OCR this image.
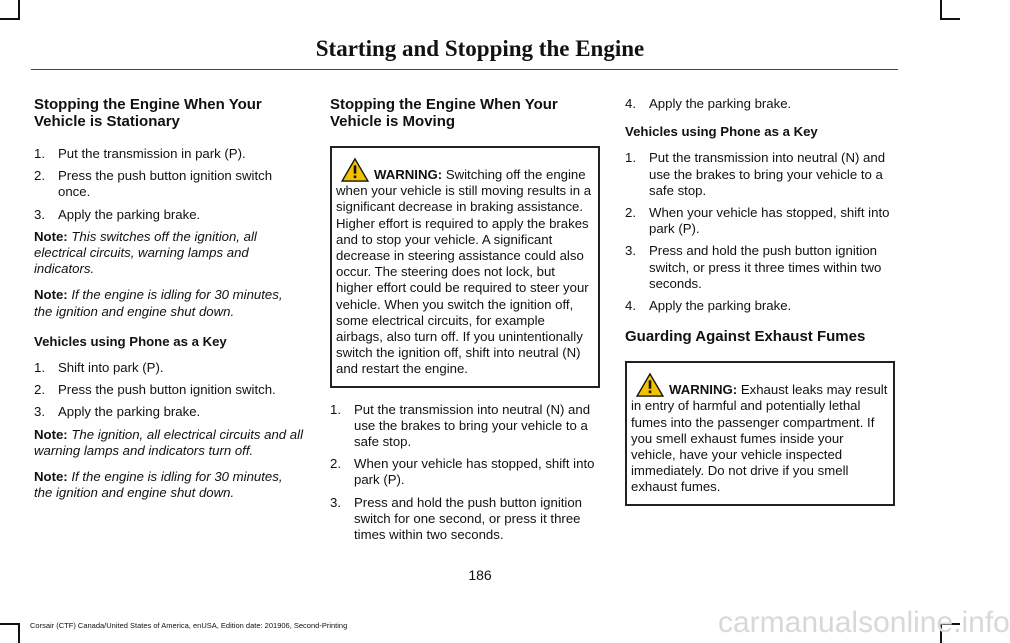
Starting and Stopping the Engine
Stopping the Engine When Your Vehicle is Stationary
1. Put the transmission in park (P).
2. Press the push button ignition switch once.
3. Apply the parking brake.

Note: This switches off the ignition, all electrical circuits, warning lamps and indicators.

Note: If the engine is idling for 30 minutes, the ignition and engine shut down.

Vehicles using Phone as a Key
1. Shift into park (P).
2. Press the push button ignition switch.
3. Apply the parking brake.

Note: The ignition, all electrical circuits and all warning lamps and indicators turn off.

Note: If the engine is idling for 30 minutes, the ignition and engine shut down.

Stopping the Engine When Your Vehicle is Moving
WARNING: Switching off the engine when your vehicle is still moving results in a significant decrease in braking assistance. Higher effort is required to apply the brakes and to stop your vehicle. A significant decrease in steering assistance could also occur. The steering does not lock, but higher effort could be required to steer your vehicle. When you switch the ignition off, some electrical circuits, for example airbags, also turn off. If you unintentionally switch the ignition off, shift into neutral (N) and restart the engine.
1. Put the transmission into neutral (N) and use the brakes to bring your vehicle to a safe stop.
2. When your vehicle has stopped, shift into park (P).
3. Press and hold the push button ignition switch for one second, or press it three times within two seconds.
4. Apply the parking brake.
Vehicles using Phone as a Key
1. Put the transmission into neutral (N) and use the brakes to bring your vehicle to a safe stop.
2. When your vehicle has stopped, shift into park (P).
3. Press and hold the push button ignition switch, or press it three times within two seconds.
4. Apply the parking brake.
Guarding Against Exhaust Fumes
WARNING: Exhaust leaks may result in entry of harmful and potentially lethal fumes into the passenger compartment. If you smell exhaust fumes inside your vehicle, have your vehicle inspected immediately. Do not drive if you smell exhaust fumes.
186
Corsair (CTF) Canada/United States of America, enUSA, Edition date: 201906, Second-Printing	carmanualsonline.info
